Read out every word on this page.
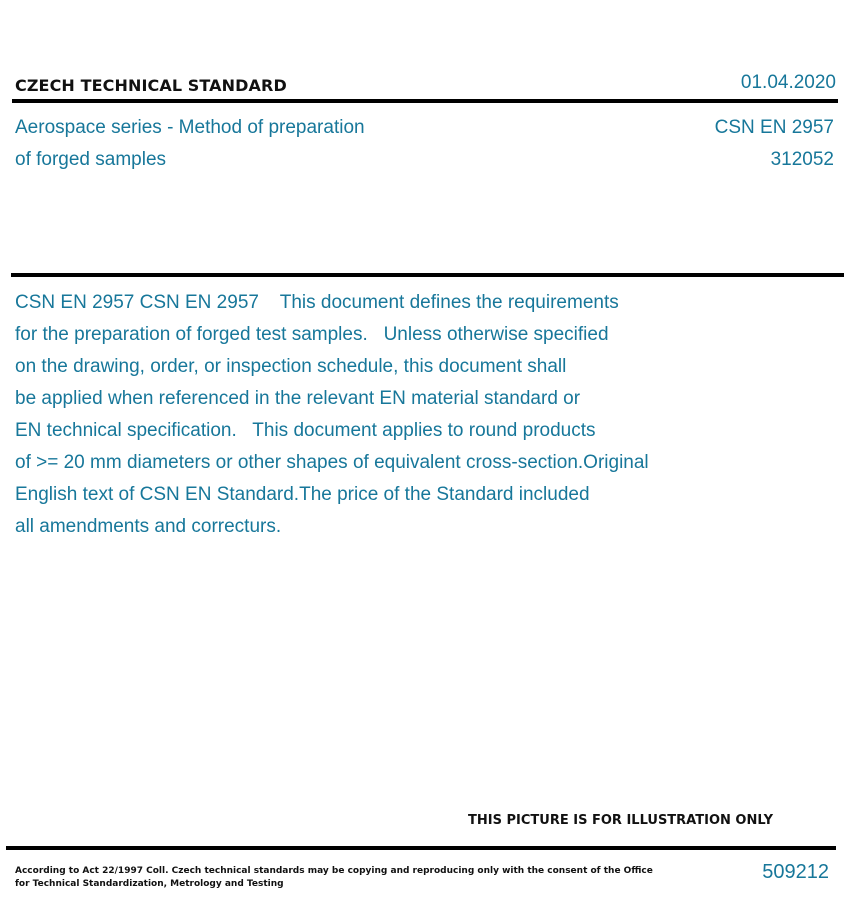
CZECH TECHNICAL STANDARD	01.04.2020
Aerospace series - Method of preparation
of forged samples
CSN EN 2957
312052
CSN EN 2957 CSN EN 2957    This document defines the requirements
for the preparation of forged test samples.   Unless otherwise specified
on the drawing, order, or inspection schedule, this document shall
be applied when referenced in the relevant EN material standard or
EN technical specification.   This document applies to round products
of >= 20 mm diameters or other shapes of equivalent cross-section.Original
English text of CSN EN Standard.The price of the Standard included
all amendments and correcturs.
THIS PICTURE IS FOR ILLUSTRATION ONLY
According to Act 22/1997 Coll. Czech technical standards may be copying and reproducing only with the consent of the Office
for Technical Standardization, Metrology and Testing
509212
